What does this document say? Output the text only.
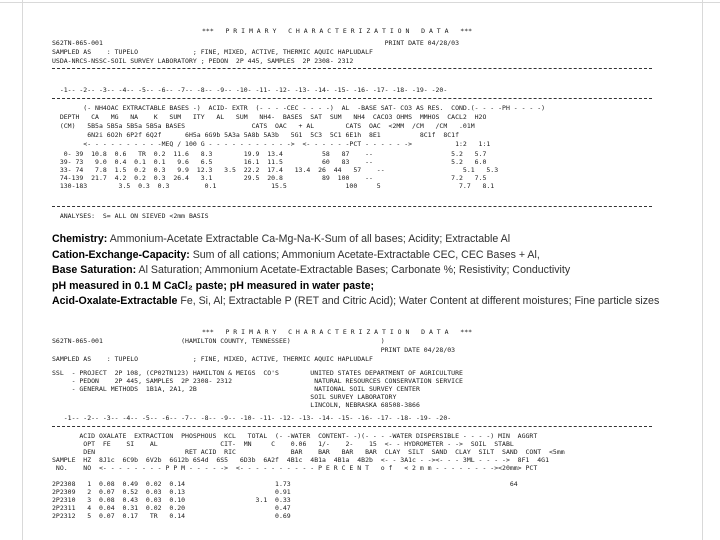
***   P R I M A R Y   C H A R A C T E R I Z A T I O N   D A T A   ***

S62TN-065-001                                                                        PRINT DATE 04/28/03

SAMPLED AS    : TUPELO              ; FINE, MIXED, ACTIVE, THERMIC AQUIC HAPLUDALF

USDA-NRCS-NSSC-SOIL SURVEY LABORATORY ; PEDON  2P 445, SAMPLES  2P 2308- 2312

-1-- -2-- -3-- -4-- -5-- -6-- -7-- -8-- -9-- -10- -11- -12- -13- -14- -15- -16- -17- -18- -19- -20-

(- NH4OAC EXTRACTABLE BASES -)  ACID- EXTR  (- - - -CEC - - - -)  AL  -BASE SAT- CO3 AS RES.  COND.(- - - -PH - - - -)

DEPTH   CA   MG   NA    K   SUM   ITY   AL   SUM   NH4-  BASES  SAT  SUM   NH4  CACO3 OHMS  MMHOS  CACL2  H2O

(CM)   5B5a 5B5a 5B5a 5B5a BASES                 CATS  OAC   + AL        CATS  OAC  <2MM  /CM   /CM   .01M

6N2i 6O2h 6P2f 6Q2f      6H5a 6G9b 5A3a 5A8b 5A3b   5G1  5C3  5C1 6E1h  8E1          8C1f  8C1f

<- - - - - - - - - -MEQ / 100 G - - - - - - - - - - ->  <- - - - - -PCT - - - - - ->           1:2   1:1

0- 39  10.8  0.6   TR  0.2  11.6   8.3        19.9  13.4          58   87    --                    5.2   5.7

39- 73   9.0  0.4  0.1  0.1   9.6   6.5        16.1  11.5          60   83    --                    5.2   6.0

33- 74   7.8  1.5  0.2  0.3   9.9  12.3   3.5  22.2  17.4   13.4  26  44   57    --                    5.1   5.3

74-139  21.7  4.2  0.2  0.3  26.4   3.1        29.5  20.8          89  100    --                    7.2   7.5

130-183        3.5  0.3  0.3         0.1              15.5               100     5                    7.7   8.1

ANALYSES:  S= ALL ON SIEVED <2mm BASIS

Chemistry: Ammonium-Acetate Extractable Ca-Mg-Na-K-Sum of all bases; Acidity; Extractable Al

Cation-Exchange-Capacity: Sum of all cations; Ammonium Acetate-Extractable CEC, CEC Bases + Al,

Base Saturation: Al Saturation; Ammonium Acetate-Extractable Bases; Carbonate %; Resistivity; Conductivity

pH measured in 0.1 M CaCl₂ paste; pH measured in water paste;

Acid-Oxalate-Extractable Fe, Si, Al; Extractable P (RET and Citric Acid); Water Content at different moistures; Fine particle sizes

***   P R I M A R Y   C H A R A C T E R I Z A T I O N   D A T A   ***

S62TN-065-001                    (HAMILTON COUNTY, TENNESSEE)                       )

PRINT DATE 04/28/03

SAMPLED AS    : TUPELO              ; FINE, MIXED, ACTIVE, THERMIC AQUIC HAPLUDALF

SSL  - PROJECT  2P 108, (CP02TN123) HAMILTON & MEIGS  CO'S        UNITED STATES DEPARTMENT OF AGRICULTURE

- PEDON    2P 445, SAMPLES  2P 2308- 2312                     NATURAL RESOURCES CONSERVATION SERVICE

- GENERAL METHODS  1B1A, 2A1, 2B                              NATIONAL SOIL SURVEY CENTER

SOIL SURVEY LABORATORY

LINCOLN, NEBRASKA 68508-3866

-1-- -2-- -3-- -4-- -5-- -6-- -7-- -8-- -9-- -10- -11- -12- -13- -14- -15- -16- -17- -18- -19- -20-

ACID OXALATE  EXTRACTION  PHOSPHOUS  KCL   TOTAL  (- -WATER  CONTENT- -)(- - - -WATER DISPERSIBLE - - - -) MIN  AGGRT

OPT  FE    SI    AL                CIT-  MN     C    0.06   1/-    2-    15  <- - HYDROMETER - ->  SOIL  STABL

DEN                       RET ACID  RIC              BAR    BAR   BAR   BAR  CLAY  SILT  SAND  CLAY  SILT  SAND  CONT  <5mm

SAMPLE  HZ  8J1c  6C9b  6V2b  6G12b 6S4d  6S5   6D3b  6A2f  4B1c  4B1a  4B1a  4B2b  <- - 3A1c - -><- - - 3ML - - - ->  8F1  4G1

NO.    NO  <- - - - - - - - P P M - - - - ->  <- - - - - - - - - - P E R C E N T   o f   < 2 m m - - - - - - - -><20mm> PCT

2P2308   1  0.08  0.49  0.02  0.14                       1.73                                                        64

2P2309   2  0.07  0.52  0.03  0.13                       0.91

2P2310   3  0.08  0.43  0.03  0.10                  3.1  0.33

2P2311   4  0.04  0.31  0.02  0.20                       0.47

2P2312   5  0.07  0.17   TR   0.14                       0.69
